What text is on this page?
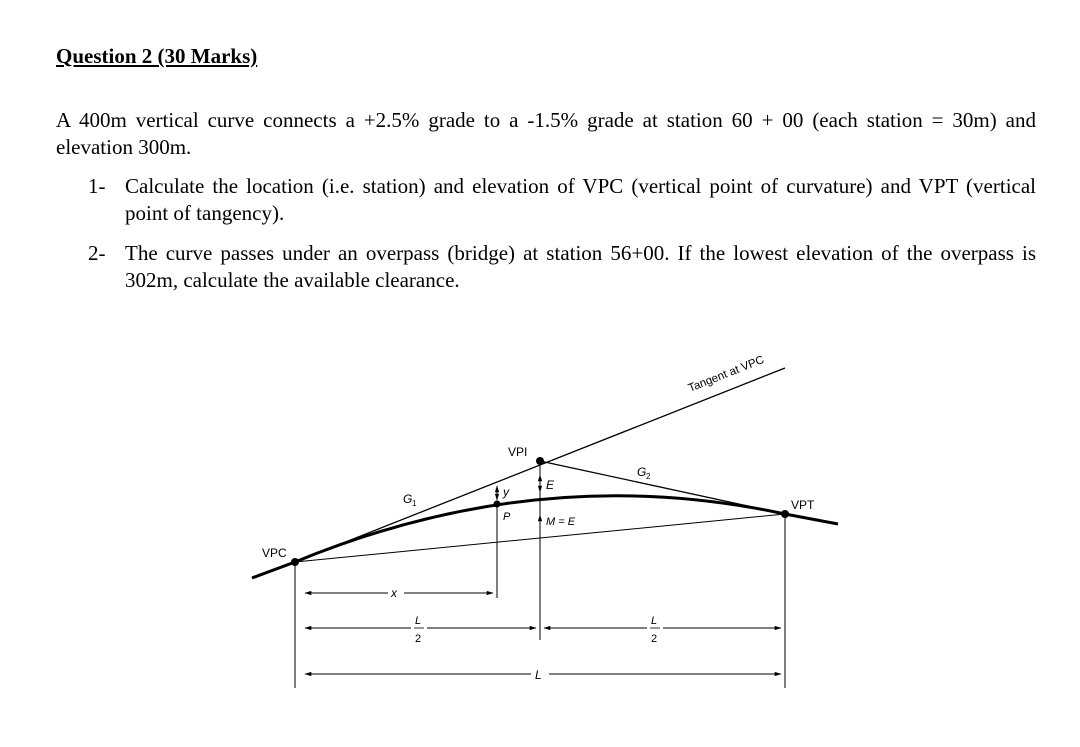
Question 2 (30 Marks)
A 400m vertical curve connects a +2.5% grade to a -1.5% grade at station 60 + 00 (each station = 30m) and elevation 300m.
1- Calculate the location (i.e. station) and elevation of VPC (vertical point of curvature) and VPT (vertical point of tangency).
2- The curve passes under an overpass (bridge) at station 56+00. If the lowest elevation of the overpass is 302m, calculate the available clearance.
Tangent at VPC
VPI
VPC
VPT
G 1
G 2
y
P
E
M = E
x
L
2
L
2
L
